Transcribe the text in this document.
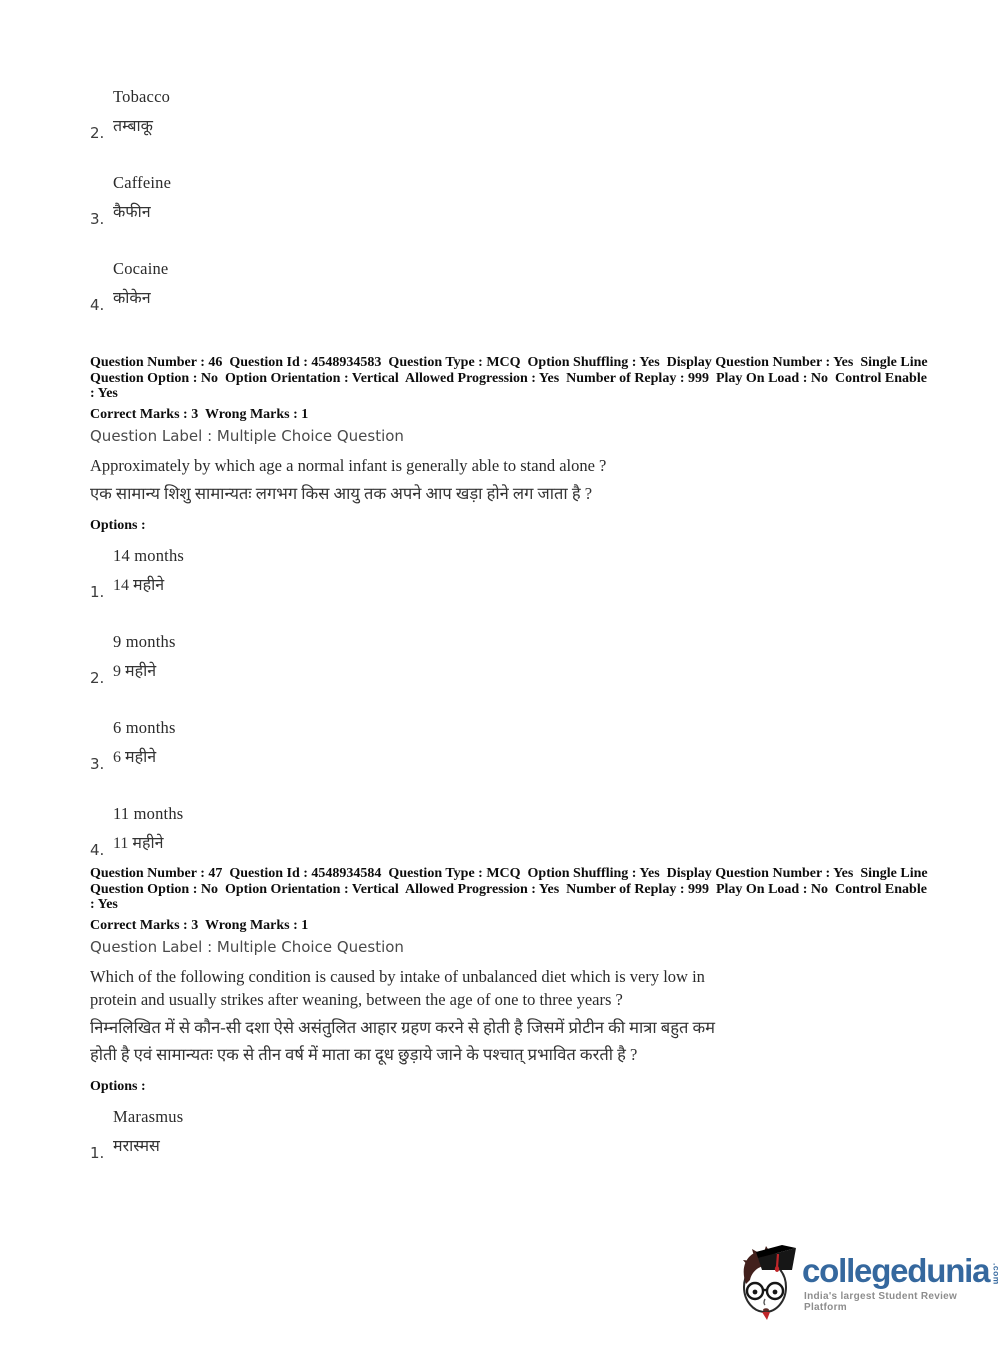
2.
Tobacco
तम्बाकू
3.
Caffeine
कैफीन
4.
Cocaine
कोकेन
Question Number : 46  Question Id : 4548934583  Question Type : MCQ  Option Shuffling : Yes  Display Question Number : Yes  Single Line Question Option : No  Option Orientation : Vertical  Allowed Progression : Yes  Number of Replay : 999  Play On Load : No  Control Enable : Yes
Correct Marks : 3  Wrong Marks : 1
Question Label : Multiple Choice Question
Approximately by which age a normal infant is generally able to stand alone ?
एक सामान्य शिशु सामान्यतः लगभग किस आयु तक अपने आप खड़ा होने लग जाता है ?
Options :
1.
14 months
14 महीने
2.
9 months
9 महीने
3.
6 months
6 महीने
4.
11 months
11 महीने
Question Number : 47  Question Id : 4548934584  Question Type : MCQ  Option Shuffling : Yes  Display Question Number : Yes  Single Line Question Option : No  Option Orientation : Vertical  Allowed Progression : Yes  Number of Replay : 999  Play On Load : No  Control Enable : Yes
Correct Marks : 3  Wrong Marks : 1
Question Label : Multiple Choice Question
Which of the following condition is caused by intake of unbalanced diet which is very low in protein and usually strikes after weaning, between the age of one to three years ?
निम्नलिखित में से कौन-सी दशा ऐसे असंतुलित आहार ग्रहण करने से होती है जिसमें प्रोटीन की मात्रा बहुत कम होती है एवं सामान्यतः एक से तीन वर्ष में माता का दूध छुड़ाये जाने के पश्चात् प्रभावित करती है ?
Options :
1.
Marasmus
मरास्मस
collegedunia .com
India's largest Student Review Platform
